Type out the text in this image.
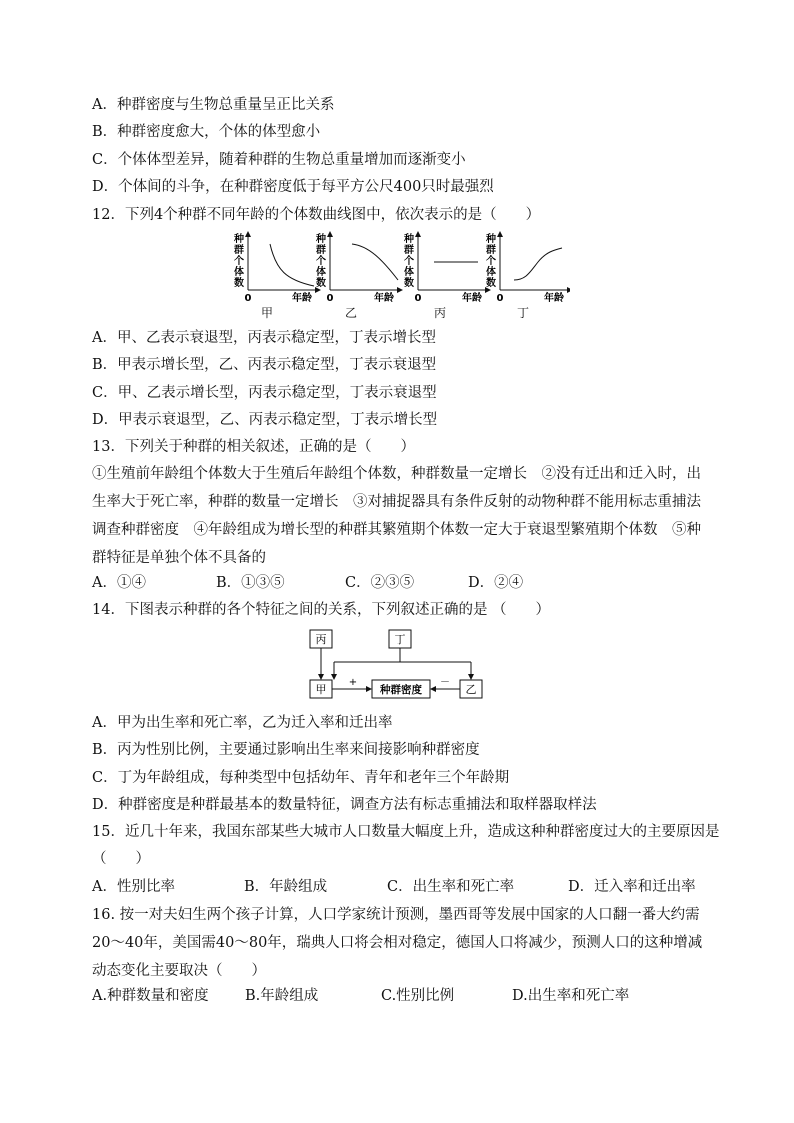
A．种群密度与生物总重量呈正比关系
B．种群密度愈大，个体的体型愈小
C．个体体型差异，随着种群的生物总重量增加而逐渐变小
D．个体间的斗争，在种群密度低于每平方公尺400只时最强烈
12．下列4个种群不同年龄的个体数曲线图中，依次表示的是（　　）
种
群
个
体
数
0	年龄
种
群
个
体
数
0	年龄
种
群
个
体
数
0	年龄
种
群
个
体
数
0	年龄
甲	乙	丙	丁
A．甲、乙表示衰退型，丙表示稳定型，丁表示增长型
B．甲表示增长型，乙、丙表示稳定型，丁表示衰退型
C．甲、乙表示增长型，丙表示稳定型，丁表示衰退型
D．甲表示衰退型，乙、丙表示稳定型，丁表示增长型
13．下列关于种群的相关叙述，正确的是（　　）
①生殖前年龄组个体数大于生殖后年龄组个体数，种群数量一定增长　②没有迁出和迁入时，出生率大于死亡率，种群的数量一定增长　③对捕捉器具有条件反射的动物种群不能用标志重捕法调查种群密度　④年龄组成为增长型的种群其繁殖期个体数一定大于衰退型繁殖期个体数　⑤种群特征是单独个体不具备的
A．①④	B．①③⑤	C．②③⑤	D．②④
14．下图表示种群的各个特征之间的关系，下列叙述正确的是 （　　）
丙	丁
甲	种群密度	乙
+	－
A．甲为出生率和死亡率，乙为迁入率和迁出率
B．丙为性别比例，主要通过影响出生率来间接影响种群密度
C．丁为年龄组成，每种类型中包括幼年、青年和老年三个年龄期
D．种群密度是种群最基本的数量特征，调查方法有标志重捕法和取样器取样法
15．近几十年来，我国东部某些大城市人口数量大幅度上升，造成这种种群密度过大的主要原因是
（　　）
A．性别比率	B．年龄组成	C．出生率和死亡率	D．迁入率和迁出率
16. 按一对夫妇生两个孩子计算，人口学家统计预测，墨西哥等发展中国家的人口翻一番大约需20～40年，美国需40～80年，瑞典人口将会相对稳定，德国人口将减少，预测人口的这种增减动态变化主要取决（　　）
A.种群数量和密度	B.年龄组成	C.性别比例	D.出生率和死亡率
